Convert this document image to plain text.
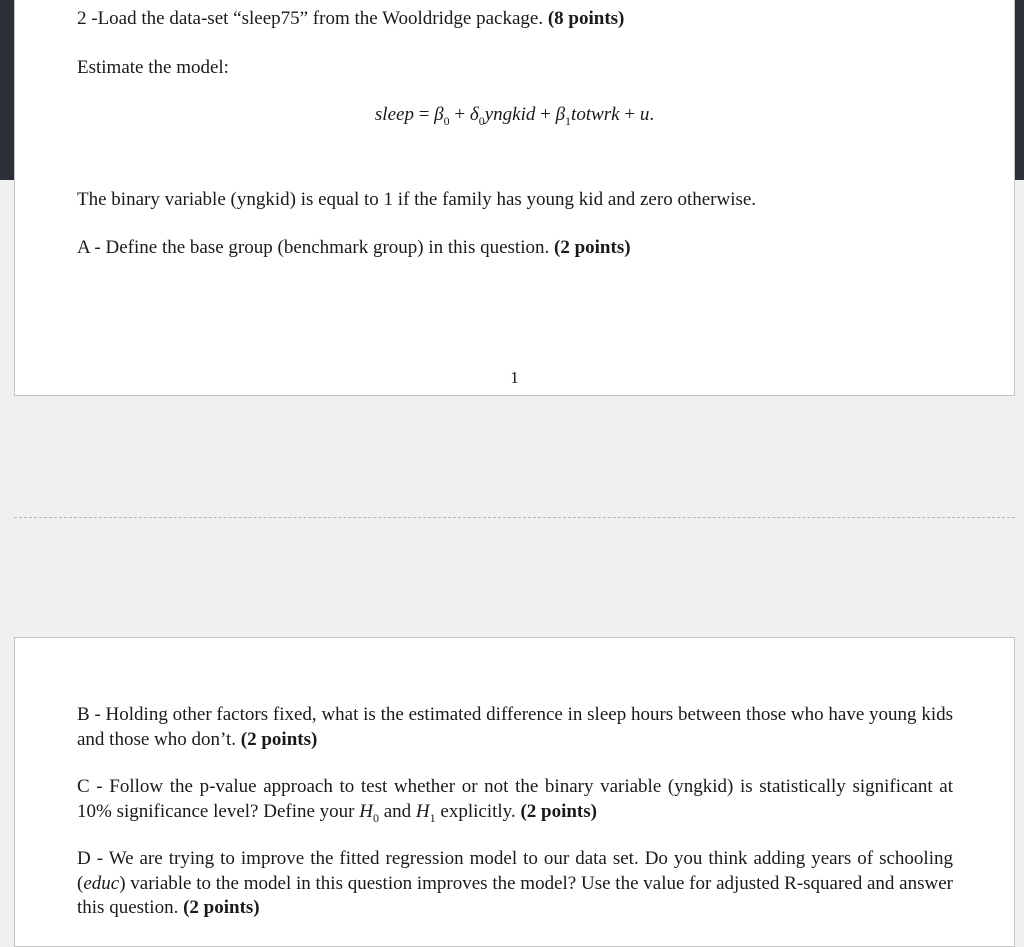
2 -Load the data-set “sleep75” from the Wooldridge package. (8 points)

Estimate the model:

sleep = $\beta_0$ + $\delta_0yngkid$ + $\beta_1totwrk + u$.

The binary variable (yngkid) is equal to 1 if the family has young kid and zero otherwise.

A - Define the base group (benchmark group) in this question. (2 points)

1

B - Holding other factors fixed, what is the estimated difference in sleep hours between those who have young kids and those who don’t. (2 points)

C - Follow the p-value approach to test whether or not the binary variable (yngkid) is statistically significant at 10% significance level? Define your $H_0$ and $H_1$ explicitly. (2 points)

D - We are trying to improve the fitted regression model to our data set. Do you think adding years of schooling (educ) variable to the model in this question improves the model? Use the value for adjusted R-squared and answer this question. (2 points)
